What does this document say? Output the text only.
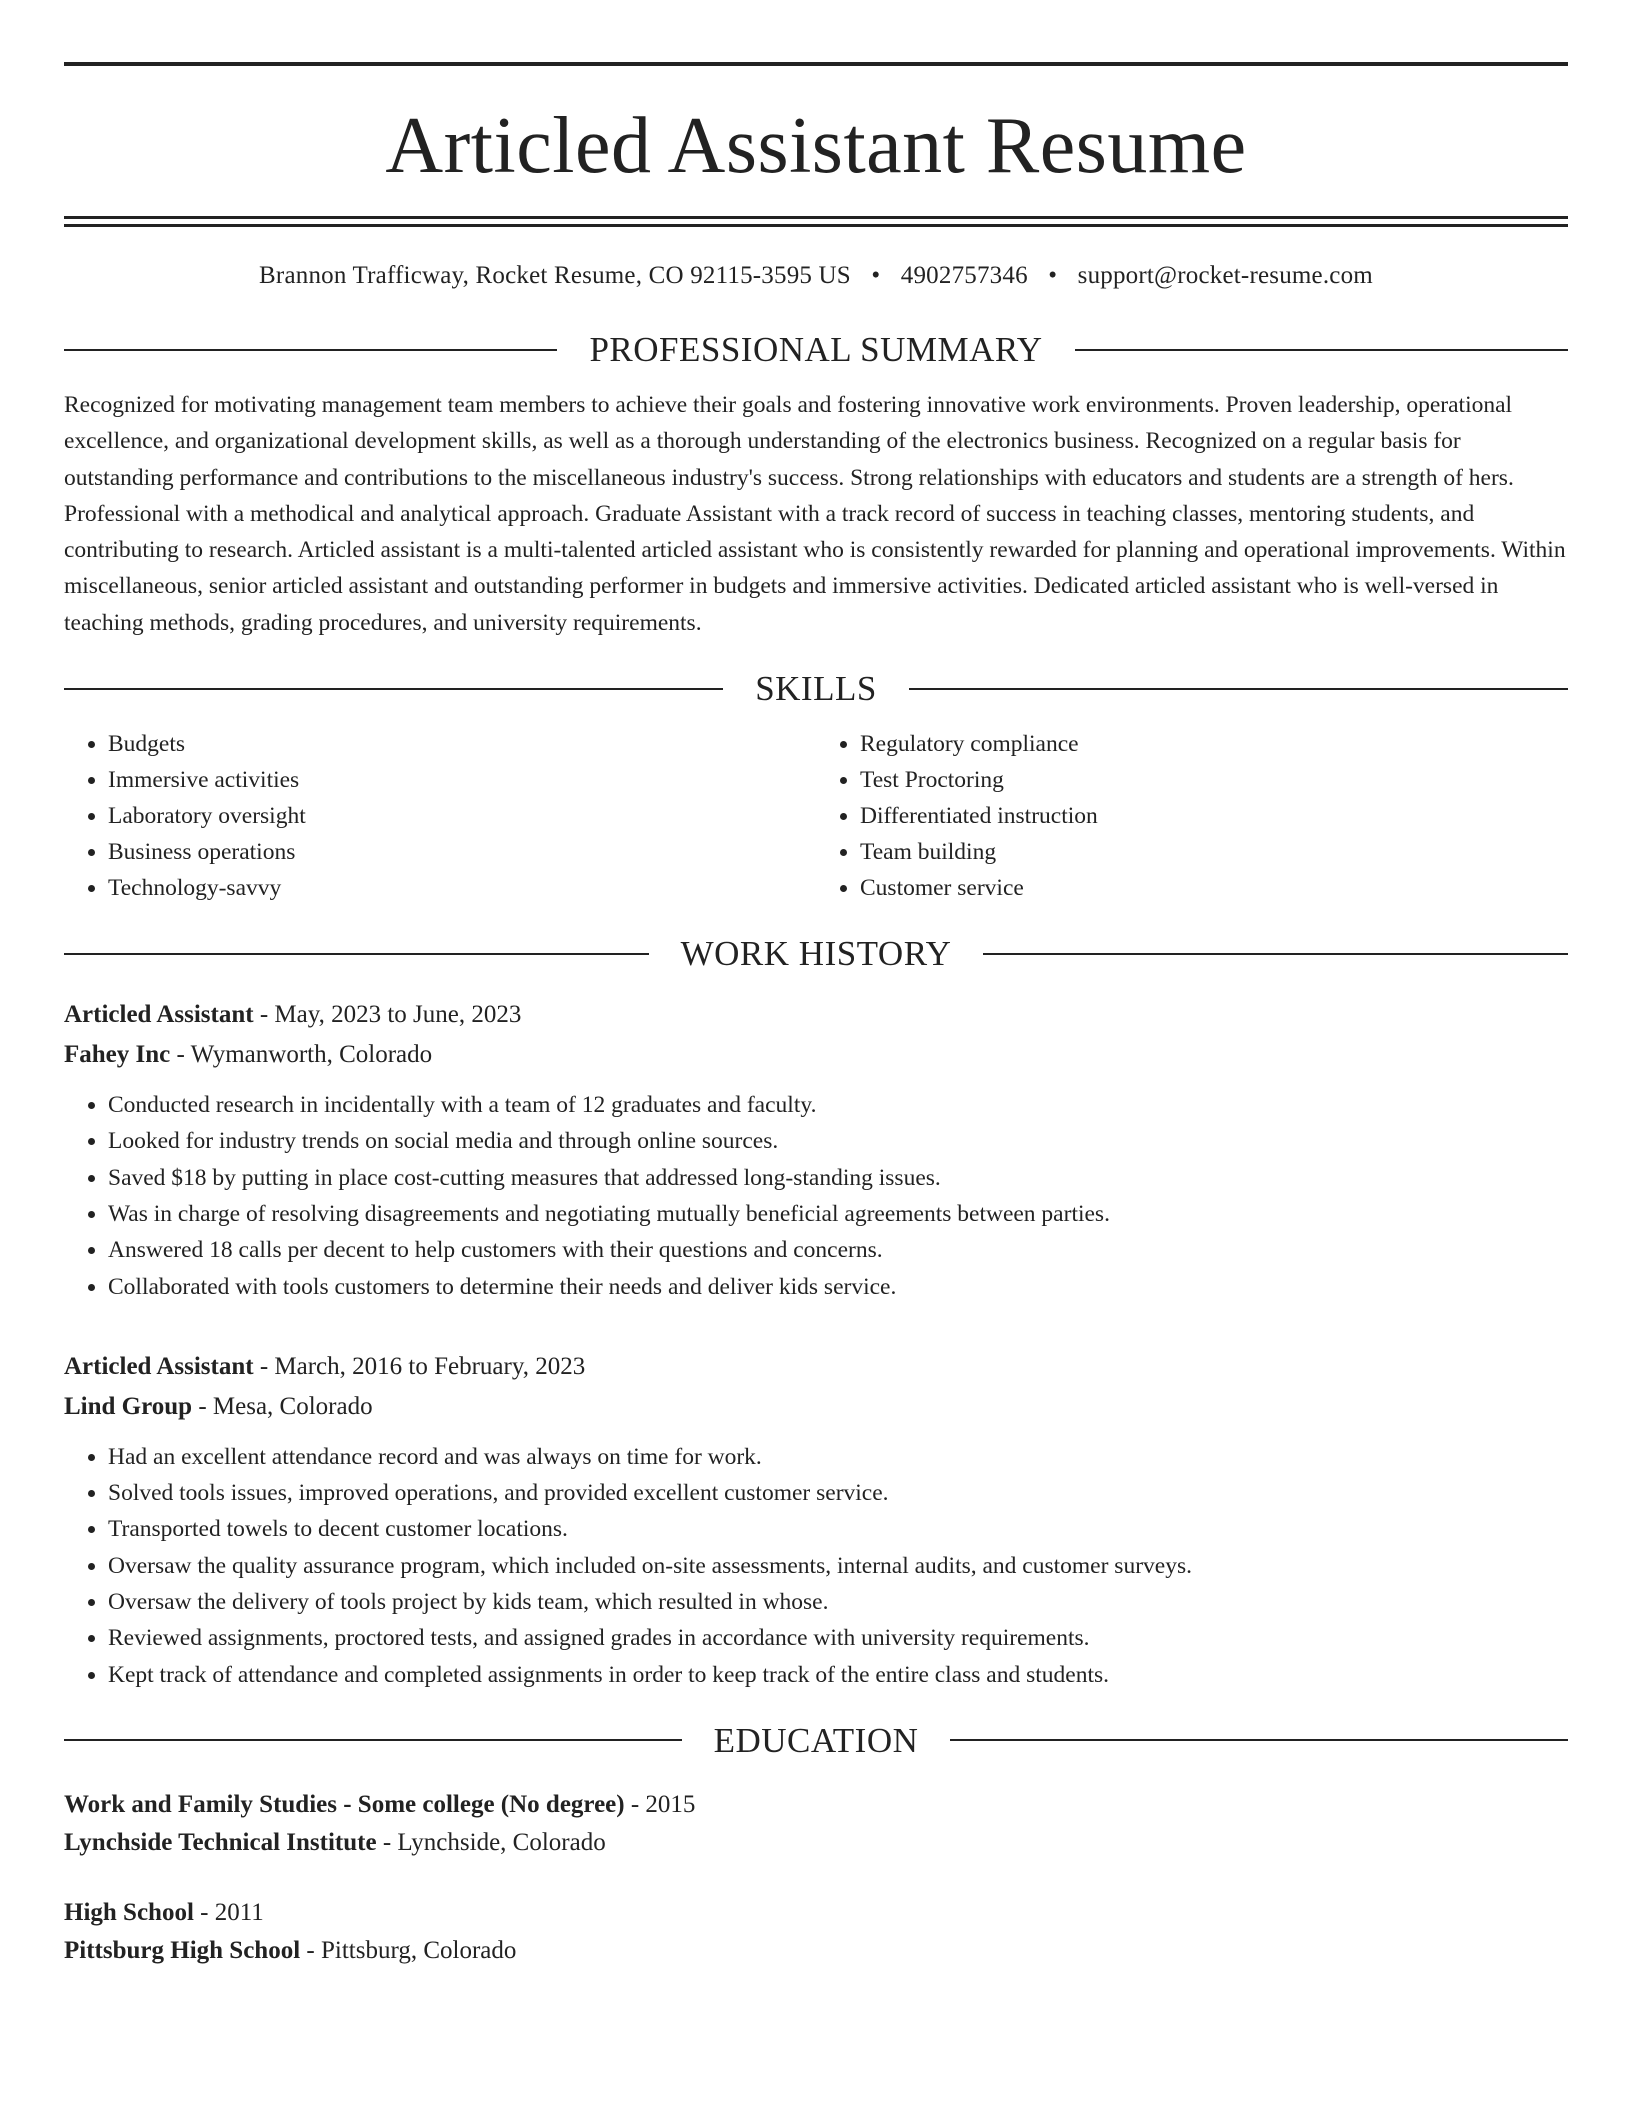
Articled Assistant Resume
Brannon Trafficway, Rocket Resume, CO 92115-3595 US • 4902757346 • support@rocket-resume.com
PROFESSIONAL SUMMARY
Recognized for motivating management team members to achieve their goals and fostering innovative work environments. Proven leadership, operational excellence, and organizational development skills, as well as a thorough understanding of the electronics business. Recognized on a regular basis for outstanding performance and contributions to the miscellaneous industry's success. Strong relationships with educators and students are a strength of hers. Professional with a methodical and analytical approach. Graduate Assistant with a track record of success in teaching classes, mentoring students, and contributing to research. Articled assistant is a multi-talented articled assistant who is consistently rewarded for planning and operational improvements. Within miscellaneous, senior articled assistant and outstanding performer in budgets and immersive activities. Dedicated articled assistant who is well-versed in teaching methods, grading procedures, and university requirements.
SKILLS
• Budgets
• Immersive activities
• Laboratory oversight
• Business operations
• Technology-savvy
• Regulatory compliance
• Test Proctoring
• Differentiated instruction
• Team building
• Customer service
WORK HISTORY
Articled Assistant - May, 2023 to June, 2023
Fahey Inc - Wymanworth, Colorado
• Conducted research in incidentally with a team of 12 graduates and faculty.
• Looked for industry trends on social media and through online sources.
• Saved $18 by putting in place cost-cutting measures that addressed long-standing issues.
• Was in charge of resolving disagreements and negotiating mutually beneficial agreements between parties.
• Answered 18 calls per decent to help customers with their questions and concerns.
• Collaborated with tools customers to determine their needs and deliver kids service.
Articled Assistant - March, 2016 to February, 2023
Lind Group - Mesa, Colorado
• Had an excellent attendance record and was always on time for work.
• Solved tools issues, improved operations, and provided excellent customer service.
• Transported towels to decent customer locations.
• Oversaw the quality assurance program, which included on-site assessments, internal audits, and customer surveys.
• Oversaw the delivery of tools project by kids team, which resulted in whose.
• Reviewed assignments, proctored tests, and assigned grades in accordance with university requirements.
• Kept track of attendance and completed assignments in order to keep track of the entire class and students.
EDUCATION
Work and Family Studies - Some college (No degree) - 2015
Lynchside Technical Institute - Lynchside, Colorado
High School - 2011
Pittsburg High School - Pittsburg, Colorado
